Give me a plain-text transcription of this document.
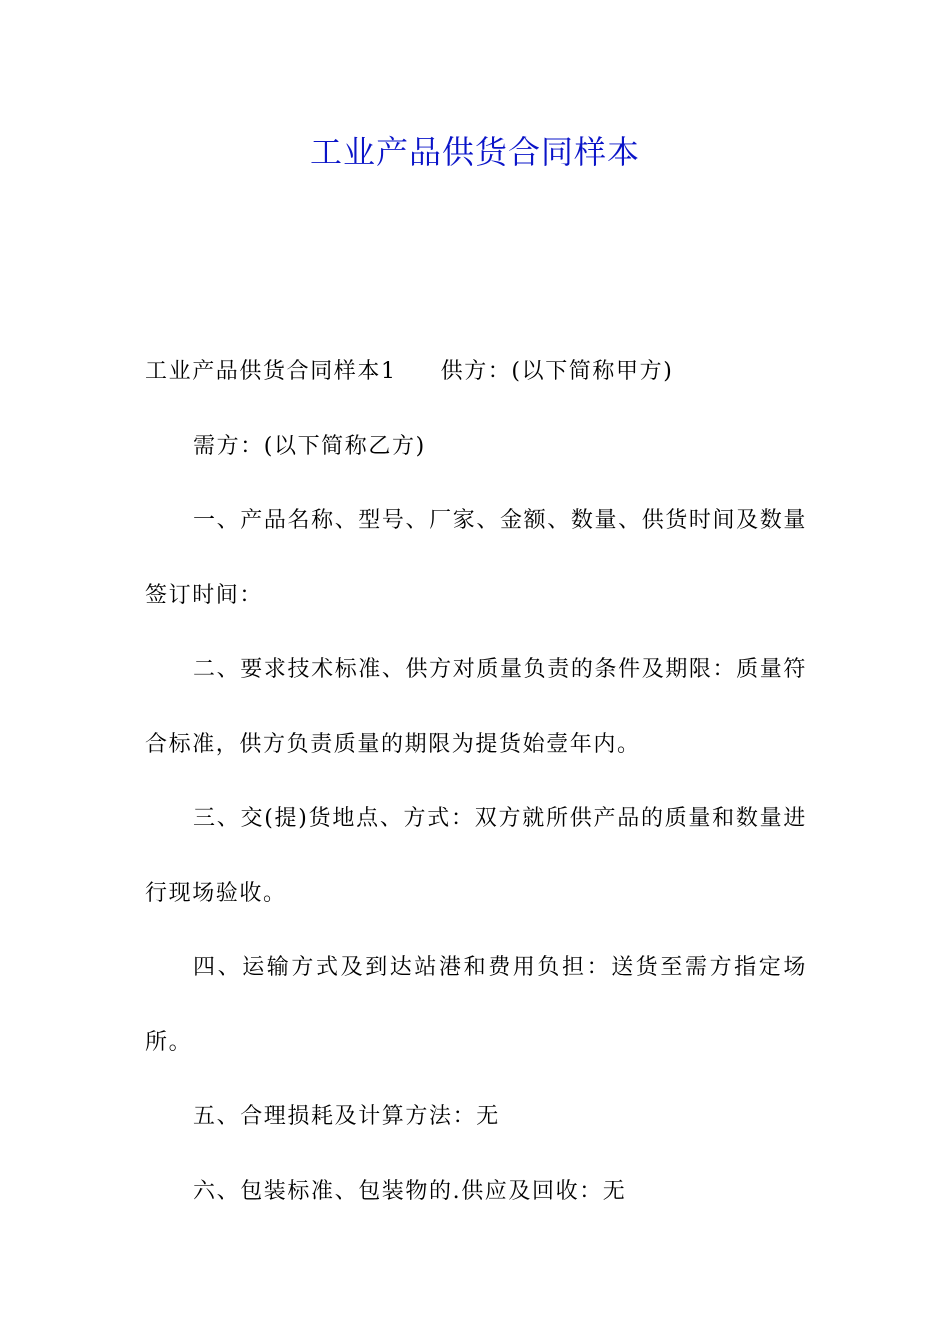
工业产品供货合同样本

工业产品供货合同样本1 供方：(以下简称甲方)

需方：(以下简称乙方)

一、产品名称、型号、厂家、金额、数量、供货时间及数量签订时间：

二、要求技术标准、供方对质量负责的条件及期限：质量符合标准，供方负责质量的期限为提货始壹年内。

三、交(提)货地点、方式：双方就所供产品的质量和数量进行现场验收。

四、运输方式及到达站港和费用负担：送货至需方指定场所。

五、合理损耗及计算方法：无

六、包装标准、包装物的.供应及回收：无
